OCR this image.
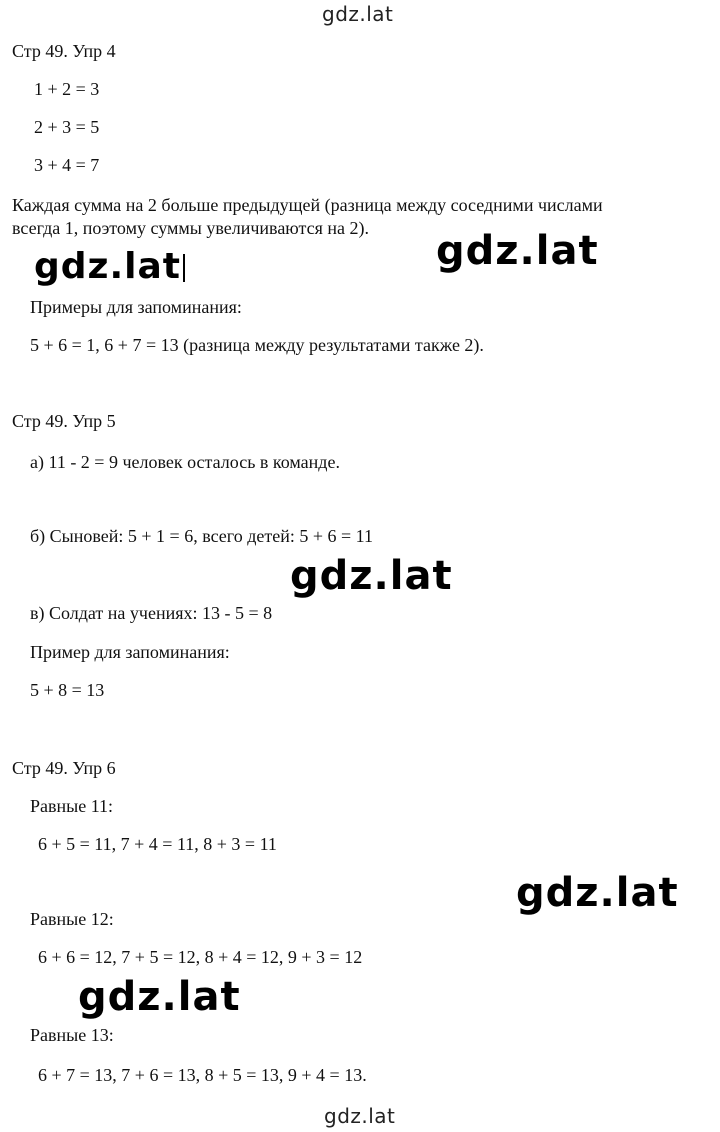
gdz.lat
gdz.lat	gdz.lat
gdz.lat
gdz.lat
gdz.lat
gdz.lat
Стр 49. Упр 4
1 + 2 = 3
2 + 3 = 5
3 + 4 = 7
Каждая сумма на 2 больше предыдущей (разница между соседними числами
всегда 1, поэтому суммы увеличиваются на 2).
Примеры для запоминания:
5 + 6 = 1, 6 + 7 = 13 (разница между результатами также 2).
Стр 49. Упр 5
а) 11 - 2 = 9 человек осталось в команде.
б) Сыновей: 5 + 1 = 6, всего детей: 5 + 6 = 11
в) Солдат на учениях: 13 - 5 = 8
Пример для запоминания:
5 + 8 = 13
Стр 49. Упр 6
Равные 11:
6 + 5 = 11, 7 + 4 = 11, 8 + 3 = 11
Равные 12:
6 + 6 = 12, 7 + 5 = 12, 8 + 4 = 12, 9 + 3 = 12
Равные 13:
6 + 7 = 13, 7 + 6 = 13, 8 + 5 = 13, 9 + 4 = 13.
